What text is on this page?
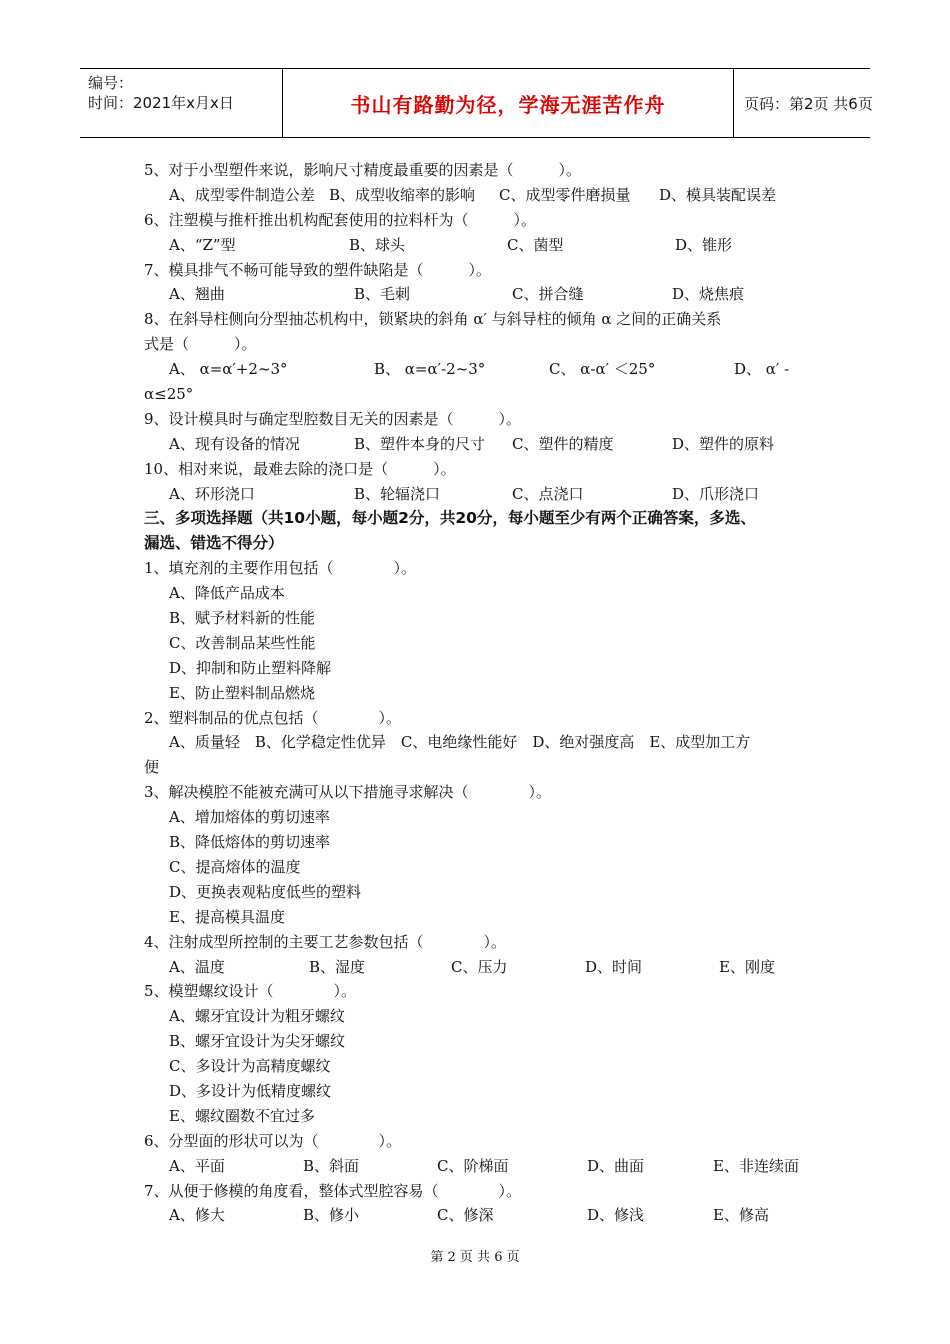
编号：
时间：2021年x月x日	书山有路勤为径，学海无涯苦作舟	页码：第2页 共6页
5、对于小型塑件来说，影响尺寸精度最重要的因素是（　　　）。
A、成型零件制造公差 B、成型收缩率的影响	C、成型零件磨损量	D、模具装配误差
6、注塑模与推杆推出机构配套使用的拉料杆为（　　　）。
A、“Z”型	B、球头	C、菌型	D、锥形
7、模具排气不畅可能导致的塑件缺陷是（　　　）。
A、翘曲	B、毛刺	C、拼合缝	D、烧焦痕
8、在斜导柱侧向分型抽芯机构中，锁紧块的斜角 α′ 与斜导柱的倾角 α 之间的正确关系
式是（　　　）。
A、 α=α′+2~3°	B、 α=α′-2~3°	C、 α-α′ ＜25°	D、 α′ -
α≤25°
9、设计模具时与确定型腔数目无关的因素是（　　　）。
A、现有设备的情况	B、塑件本身的尺寸	C、塑件的精度	D、塑件的原料
10、相对来说，最难去除的浇口是（　　　）。
A、环形浇口	B、轮辐浇口	C、点浇口	D、爪形浇口
三、多项选择题（共10小题，每小题2分，共20分，每小题至少有两个正确答案，多选、
漏选、错选不得分）
1、填充剂的主要作用包括（　　　　）。
A、降低产品成本
B、赋予材料新的性能
C、改善制品某些性能
D、抑制和防止塑料降解
E、防止塑料制品燃烧
2、塑料制品的优点包括（　　　　）。
A、质量轻　B、化学稳定性优异　C、电绝缘性能好　D、绝对强度高　E、成型加工方
便
3、解决模腔不能被充满可从以下措施寻求解决（　　　　）。
A、增加熔体的剪切速率
B、降低熔体的剪切速率
C、提高熔体的温度
D、更换表观粘度低些的塑料
E、提高模具温度
4、注射成型所控制的主要工艺参数包括（　　　　）。
A、温度	B、湿度	C、压力	D、时间	E、刚度
5、模塑螺纹设计（　　　　）。
A、螺牙宜设计为粗牙螺纹
B、螺牙宜设计为尖牙螺纹
C、多设计为高精度螺纹
D、多设计为低精度螺纹
E、螺纹圈数不宜过多
6、分型面的形状可以为（　　　　）。
A、平面	B、斜面	C、阶梯面	D、曲面	E、非连续面
7、从便于修模的角度看，整体式型腔容易（　　　　）。
A、修大	B、修小	C、修深	D、修浅	E、修高
第 2 页 共 6 页
